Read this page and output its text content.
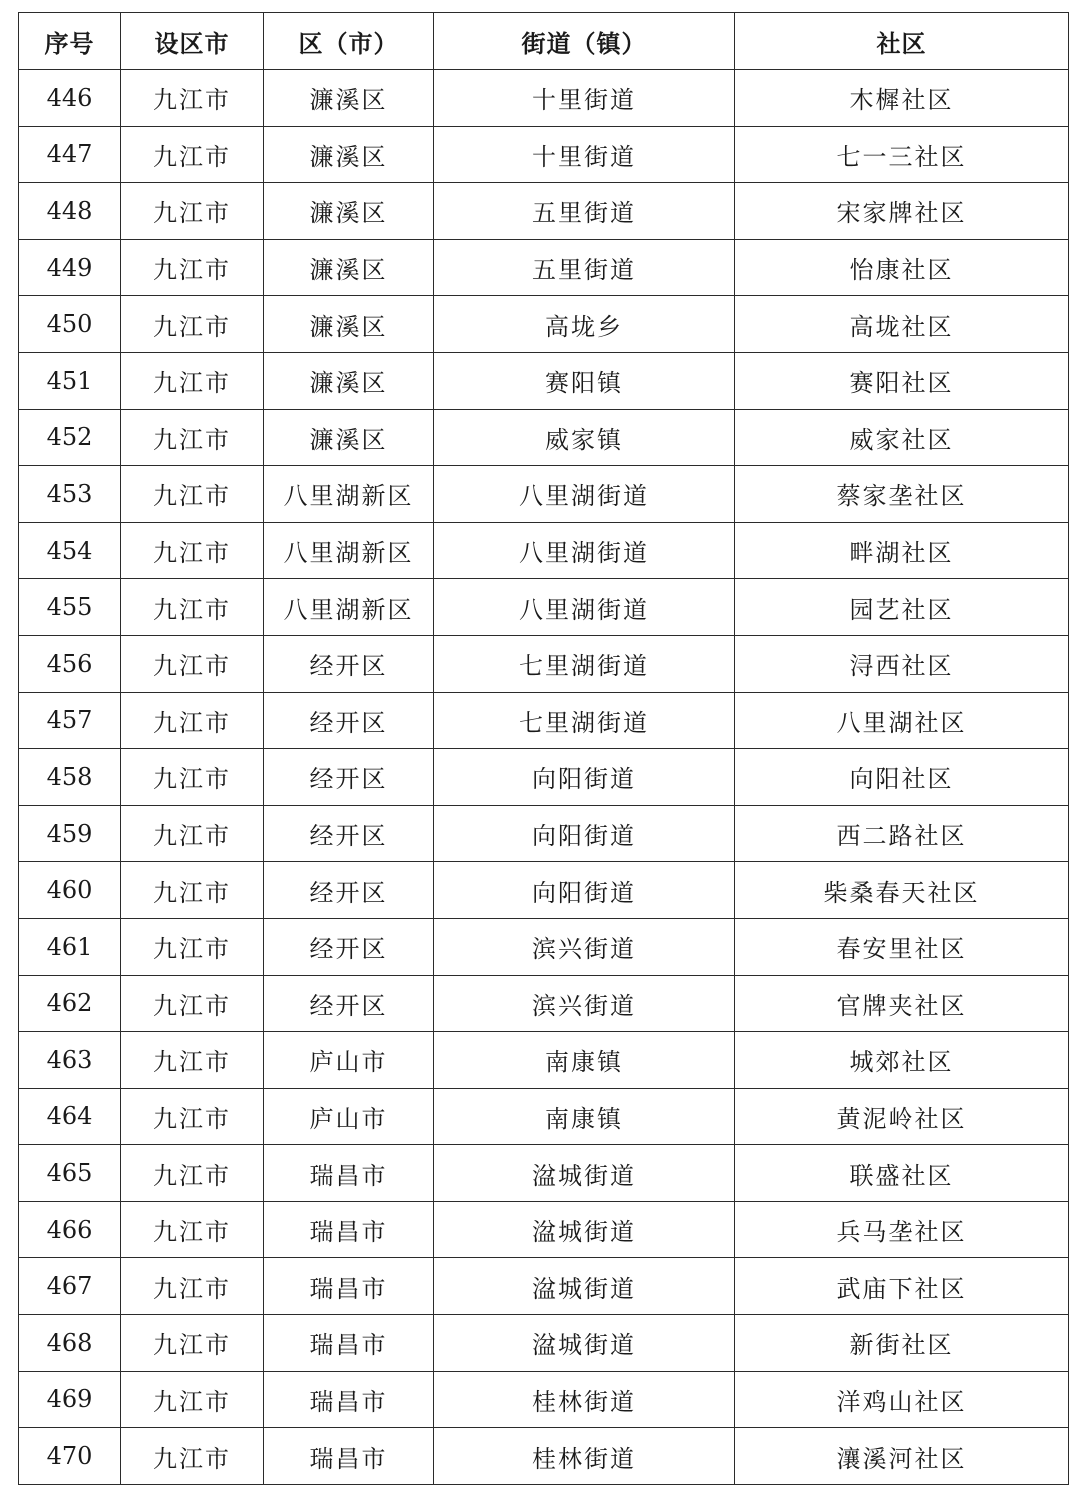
序号	设区市	区（市）	街道（镇）	社区
446	九江市	濂溪区	十里街道	木樨社区
447	九江市	濂溪区	十里街道	七一三社区
448	九江市	濂溪区	五里街道	宋家牌社区
449	九江市	濂溪区	五里街道	怡康社区
450	九江市	濂溪区	高垅乡	高垅社区
451	九江市	濂溪区	赛阳镇	赛阳社区
452	九江市	濂溪区	威家镇	威家社区
453	九江市	八里湖新区	八里湖街道	蔡家垄社区
454	九江市	八里湖新区	八里湖街道	畔湖社区
455	九江市	八里湖新区	八里湖街道	园艺社区
456	九江市	经开区	七里湖街道	浔西社区
457	九江市	经开区	七里湖街道	八里湖社区
458	九江市	经开区	向阳街道	向阳社区
459	九江市	经开区	向阳街道	西二路社区
460	九江市	经开区	向阳街道	柴桑春天社区
461	九江市	经开区	滨兴街道	春安里社区
462	九江市	经开区	滨兴街道	官牌夹社区
463	九江市	庐山市	南康镇	城郊社区
464	九江市	庐山市	南康镇	黄泥岭社区
465	九江市	瑞昌市	湓城街道	联盛社区
466	九江市	瑞昌市	湓城街道	兵马垄社区
467	九江市	瑞昌市	湓城街道	武庙下社区
468	九江市	瑞昌市	湓城街道	新街社区
469	九江市	瑞昌市	桂林街道	洋鸡山社区
470	九江市	瑞昌市	桂林街道	瀼溪河社区
